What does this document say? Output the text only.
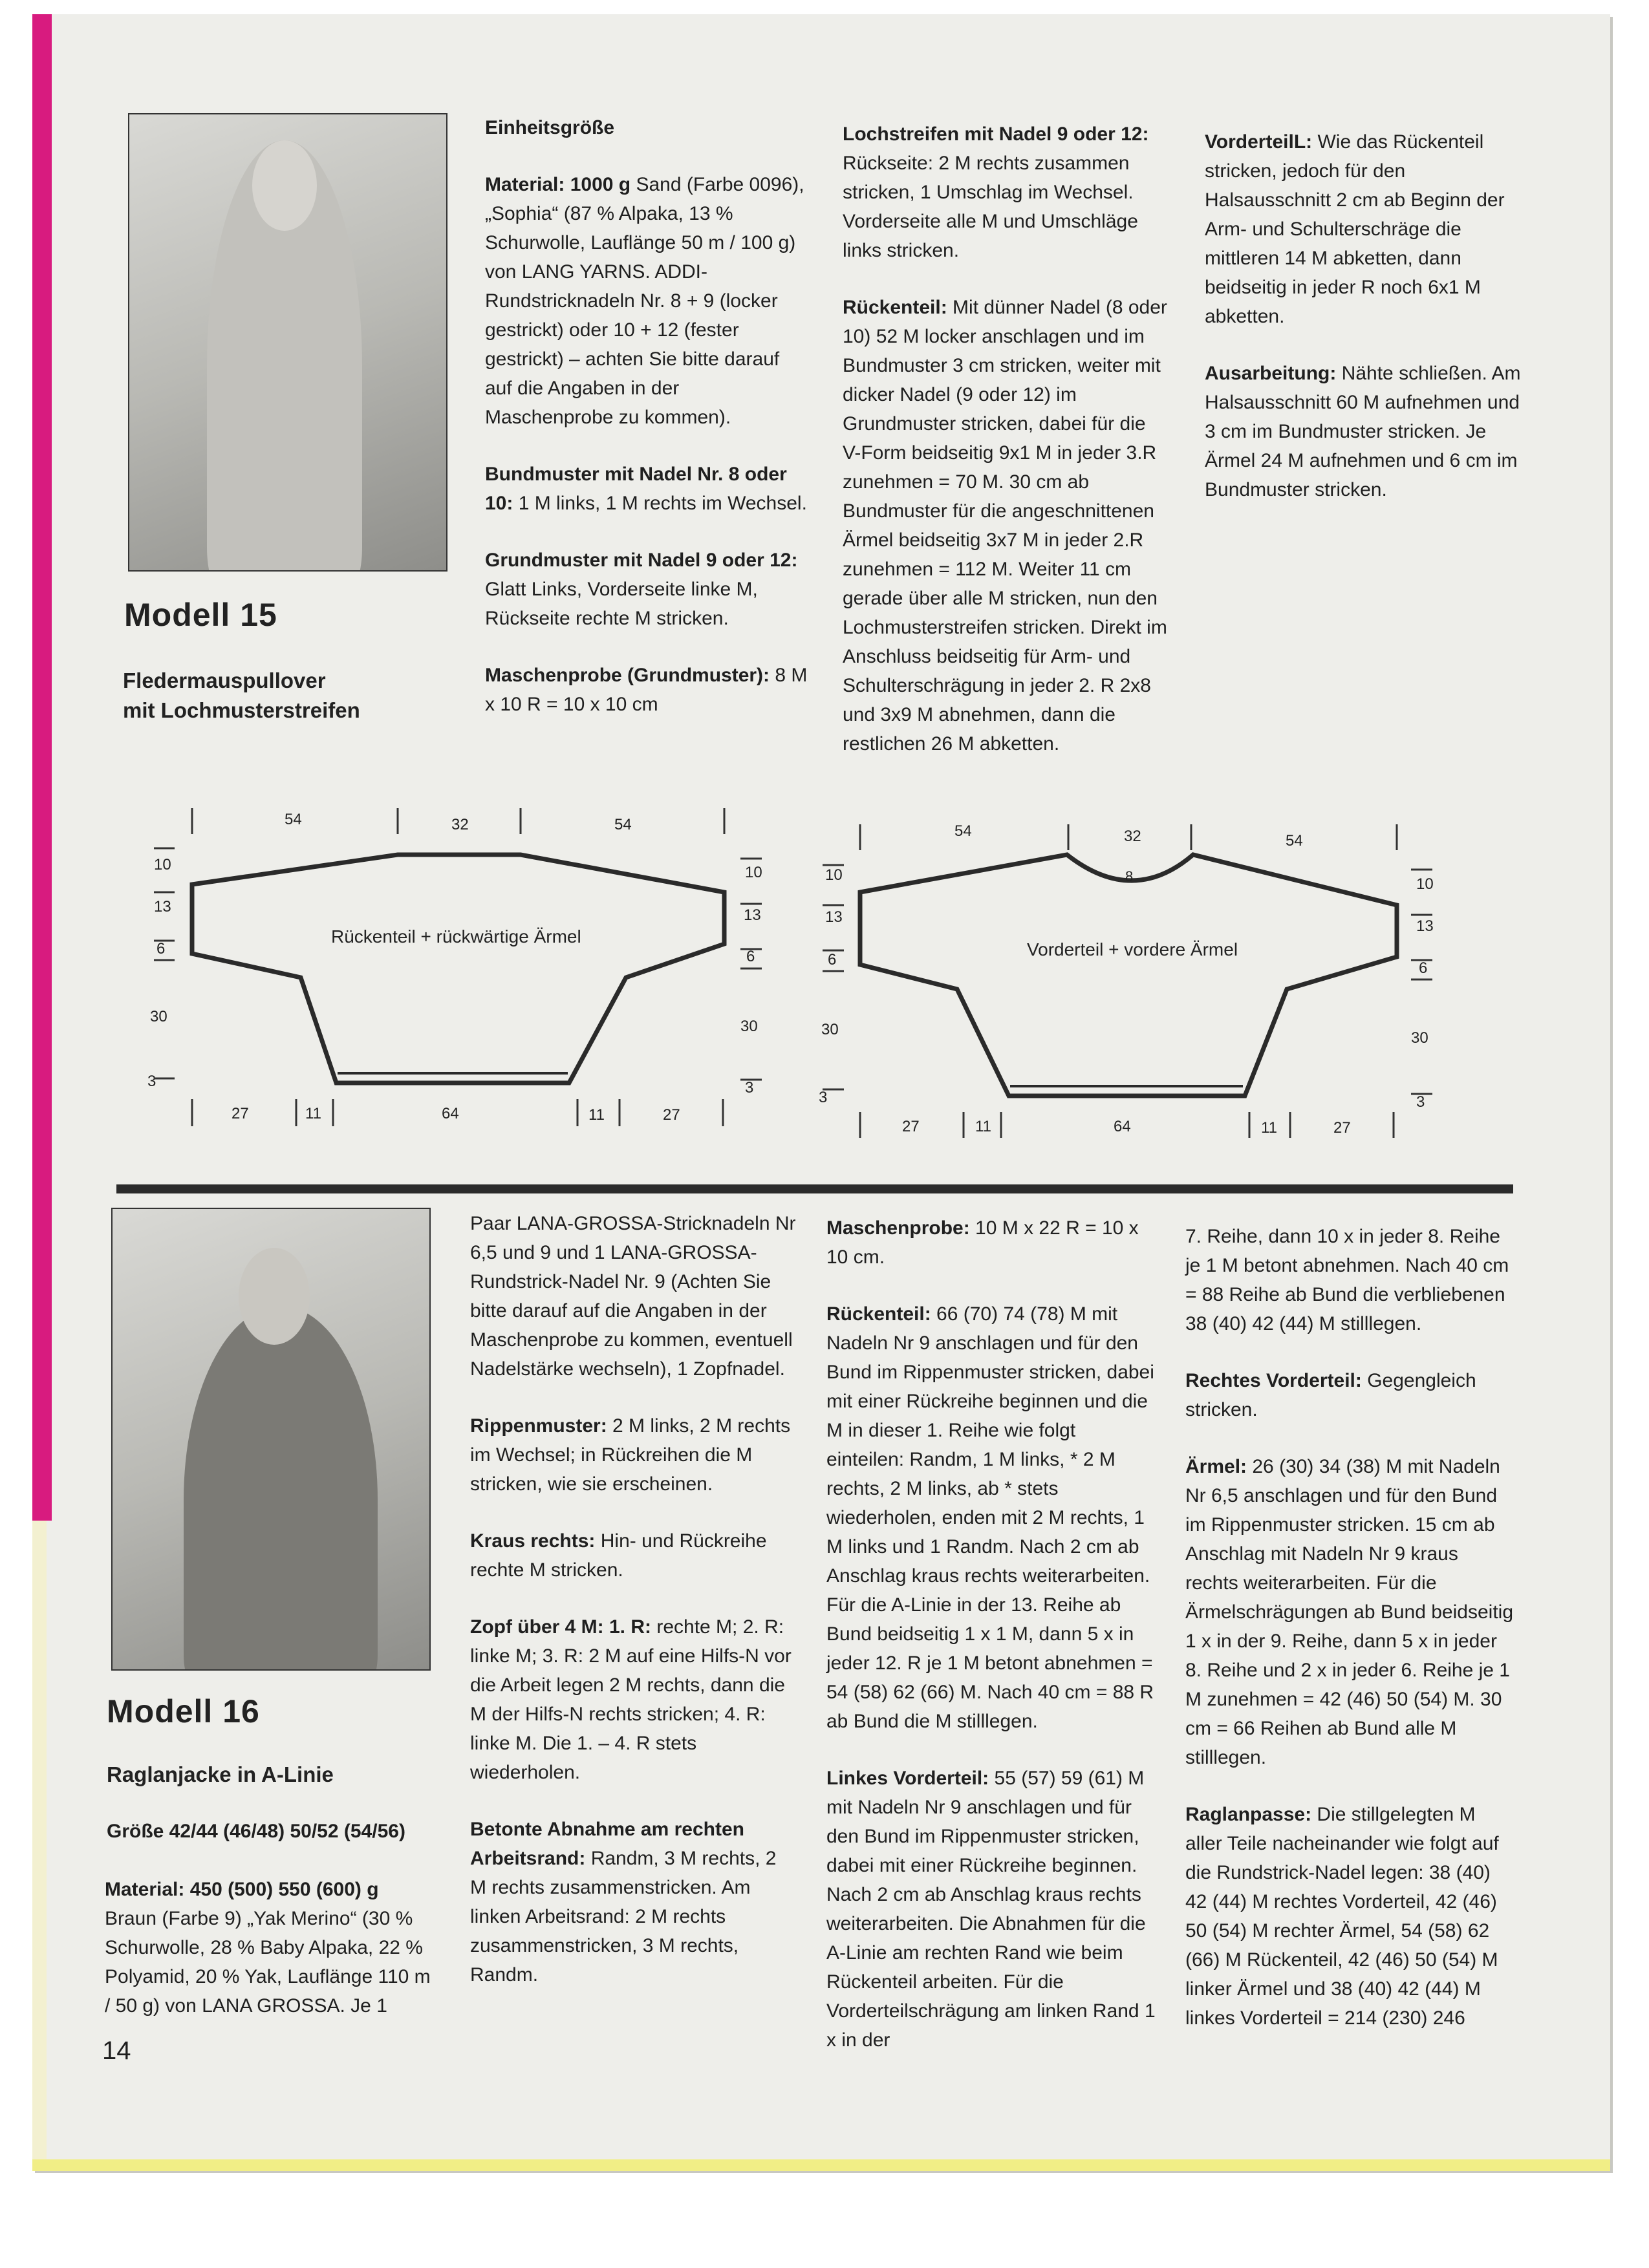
Modell 15
Fledermauspullover
mit Lochmusterstreifen

Einheitsgröße

Material: 1000 g Sand (Farbe 0096), „Sophia“ (87 % Alpaka, 13 % Schurwolle, Lauflänge 50 m / 100 g) von LANG YARNS. ADDI-Rundstricknadeln Nr. 8 + 9 (locker gestrickt) oder 10 + 12 (fester gestrickt) – achten Sie bitte darauf auf die Angaben in der Maschenprobe zu kommen).

Bundmuster mit Nadel Nr. 8 oder 10: 1 M links, 1 M rechts im Wechsel.

Grundmuster mit Nadel 9 oder 12: Glatt Links, Vorderseite linke M, Rückseite rechte M stricken.

Maschenprobe (Grundmuster): 8 M x 10 R = 10 x 10 cm

Lochstreifen mit Nadel 9 oder 12: Rückseite: 2 M rechts zusammen stricken, 1 Umschlag im Wechsel. Vorderseite alle M und Umschläge links stricken.

Rückenteil: Mit dünner Nadel (8 oder 10) 52 M locker anschlagen und im Bundmuster 3 cm stricken, weiter mit dicker Nadel (9 oder 12) im Grundmuster stricken, dabei für die V-Form beidseitig 9x1 M in jeder 3.R zunehmen = 70 M. 30 cm ab Bundmuster für die angeschnittenen Ärmel beidseitig 3x7 M in jeder 2.R zunehmen = 112 M. Weiter 11 cm gerade über alle M stricken, nun den Lochmusterstreifen stricken. Direkt im Anschluss beidseitig für Arm- und Schulterschrägung in jeder 2. R 2x8 und 3x9 M abnehmen, dann die restlichen 26 M abketten.

VorderteilL: Wie das Rückenteil stricken, jedoch für den Halsausschnitt 2 cm ab Beginn der Arm- und Schulterschräge die mittleren 14 M abketten, dann beidseitig in jeder R noch 6x1 M abketten.

Ausarbeitung: Nähte schließen. Am Halsausschnitt 60 M aufnehmen und 3 cm im Bundmuster stricken. Je Ärmel 24 M aufnehmen und 6 cm im Bundmuster stricken.

Rückenteil + rückwärtige Ärmel
54	32	54
10
13
6
30
3
10
13
6
30
3
27	11	64	11	27
Vorderteil + vordere Ärmel
8
54	32	54
10
13
6
30
3
10
13
6
30
3
27	11	64	11	27
Modell 16
Raglanjacke in A-Linie
Größe 42/44 (46/48) 50/52 (54/56)
Material: 450 (500) 550 (600) g Braun (Farbe 9) „Yak Merino“ (30 % Schurwolle, 28 % Baby Alpaka, 22 % Polyamid, 20 % Yak, Lauflänge 110 m / 50 g) von LANA GROSSA. Je 1

Paar LANA-GROSSA-Stricknadeln Nr 6,5 und 9 und 1 LANA-GROSSA-Rundstrick-Nadel Nr. 9 (Achten Sie bitte darauf auf die Angaben in der Maschenprobe zu kommen, eventuell Nadelstärke wechseln), 1 Zopfnadel.

Rippenmuster: 2 M links, 2 M rechts im Wechsel; in Rückreihen die M stricken, wie sie erscheinen.

Kraus rechts: Hin- und Rückreihe rechte M stricken.

Zopf über 4 M: 1. R: rechte M; 2. R: linke M; 3. R: 2 M auf eine Hilfs-N vor die Arbeit legen 2 M rechts, dann die M der Hilfs-N rechts stricken; 4. R: linke M. Die 1. – 4. R stets wiederholen.

Betonte Abnahme am rechten Arbeitsrand: Randm, 3 M rechts, 2 M rechts zusammenstricken. Am linken Arbeitsrand: 2 M rechts zusammenstricken, 3 M rechts, Randm.

Maschenprobe: 10 M x 22 R = 10 x 10 cm.

Rückenteil: 66 (70) 74 (78) M mit Nadeln Nr 9 anschlagen und für den Bund im Rippenmuster stricken, dabei mit einer Rückreihe beginnen und die M in dieser 1. Reihe wie folgt einteilen: Randm, 1 M links, * 2 M rechts, 2 M links, ab * stets wiederholen, enden mit 2 M rechts, 1 M links und 1 Randm. Nach 2 cm ab Anschlag kraus rechts weiterarbeiten. Für die A-Linie in der 13. Reihe ab Bund beidseitig 1 x 1 M, dann 5 x in jeder 12. R je 1 M betont abnehmen = 54 (58) 62 (66) M. Nach 40 cm = 88 R ab Bund die M stilllegen.

Linkes Vorderteil: 55 (57) 59 (61) M mit Nadeln Nr 9 anschlagen und für den Bund im Rippenmuster stricken, dabei mit einer Rückreihe beginnen. Nach 2 cm ab Anschlag kraus rechts weiterarbeiten. Die Abnahmen für die A-Linie am rechten Rand wie beim Rückenteil arbeiten. Für die Vorderteilschrägung am linken Rand 1 x in der

7. Reihe, dann 10 x in jeder 8. Reihe je 1 M betont abnehmen. Nach 40 cm = 88 Reihe ab Bund die verbliebenen 38 (40) 42 (44) M stilllegen.

Rechtes Vorderteil: Gegengleich stricken.

Ärmel: 26 (30) 34 (38) M mit Nadeln Nr 6,5 anschlagen und für den Bund im Rippenmuster stricken. 15 cm ab Anschlag mit Nadeln Nr 9 kraus rechts weiterarbeiten. Für die Ärmelschrägungen ab Bund beidseitig 1 x in der 9. Reihe, dann 5 x in jeder 8. Reihe und 2 x in jeder 6. Reihe je 1 M zunehmen = 42 (46) 50 (54) M. 30 cm = 66 Reihen ab Bund alle M stilllegen.

Raglanpasse: Die stillgelegten M aller Teile nacheinander wie folgt auf die Rundstrick-Nadel legen: 38 (40) 42 (44) M rechtes Vorderteil, 42 (46) 50 (54) M rechter Ärmel, 54 (58) 62 (66) M Rückenteil, 42 (46) 50 (54) M linker Ärmel und 38 (40) 42 (44) M linkes Vorderteil = 214 (230) 246

14
